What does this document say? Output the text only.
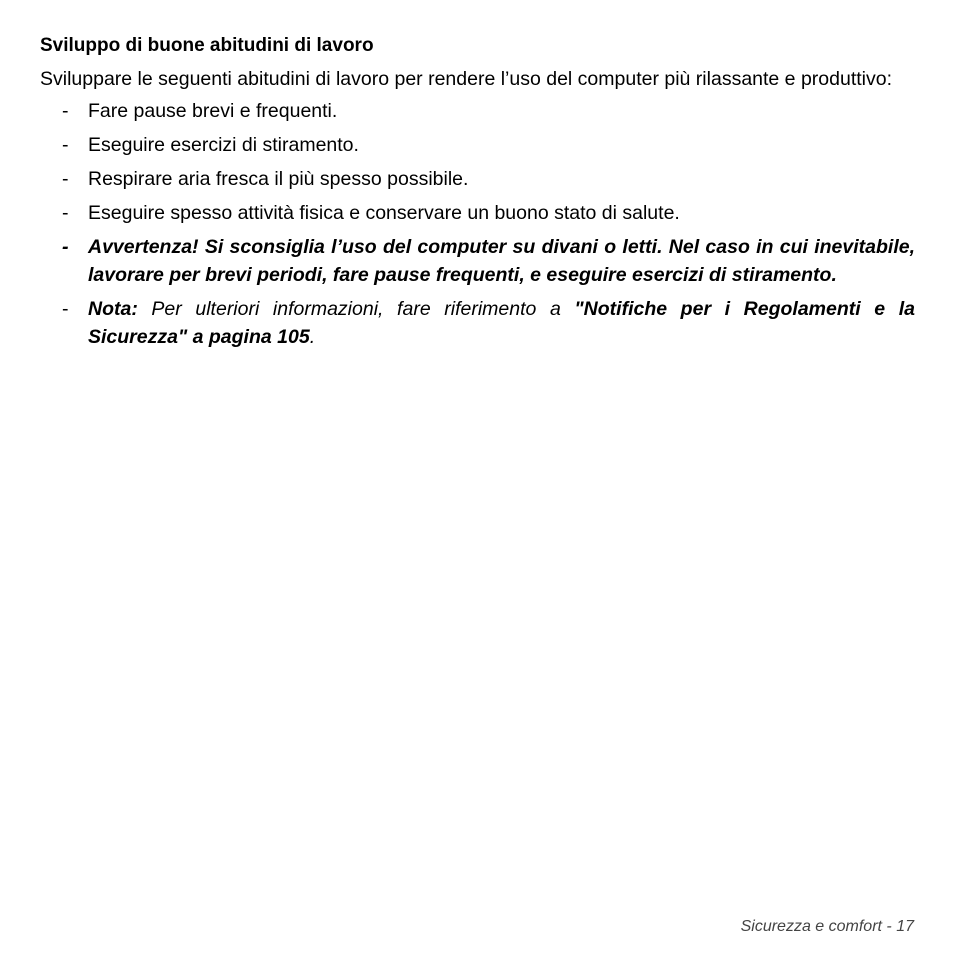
Sviluppo di buone abitudini di lavoro
Sviluppare le seguenti abitudini di lavoro per rendere l’uso del computer più rilassante e produttivo:
- Fare pause brevi e frequenti.
- Eseguire esercizi di stiramento.
- Respirare aria fresca il più spesso possibile.
- Eseguire spesso attività fisica e conservare un buono stato di salute.
- Avvertenza! Si sconsiglia l’uso del computer su divani o letti. Nel caso in cui inevitabile, lavorare per brevi periodi, fare pause frequenti, e eseguire esercizi di stiramento.
- Nota: Per ulteriori informazioni, fare riferimento a "Notifiche per i Regolamenti e la Sicurezza" a pagina 105.
Sicurezza e comfort - 17
